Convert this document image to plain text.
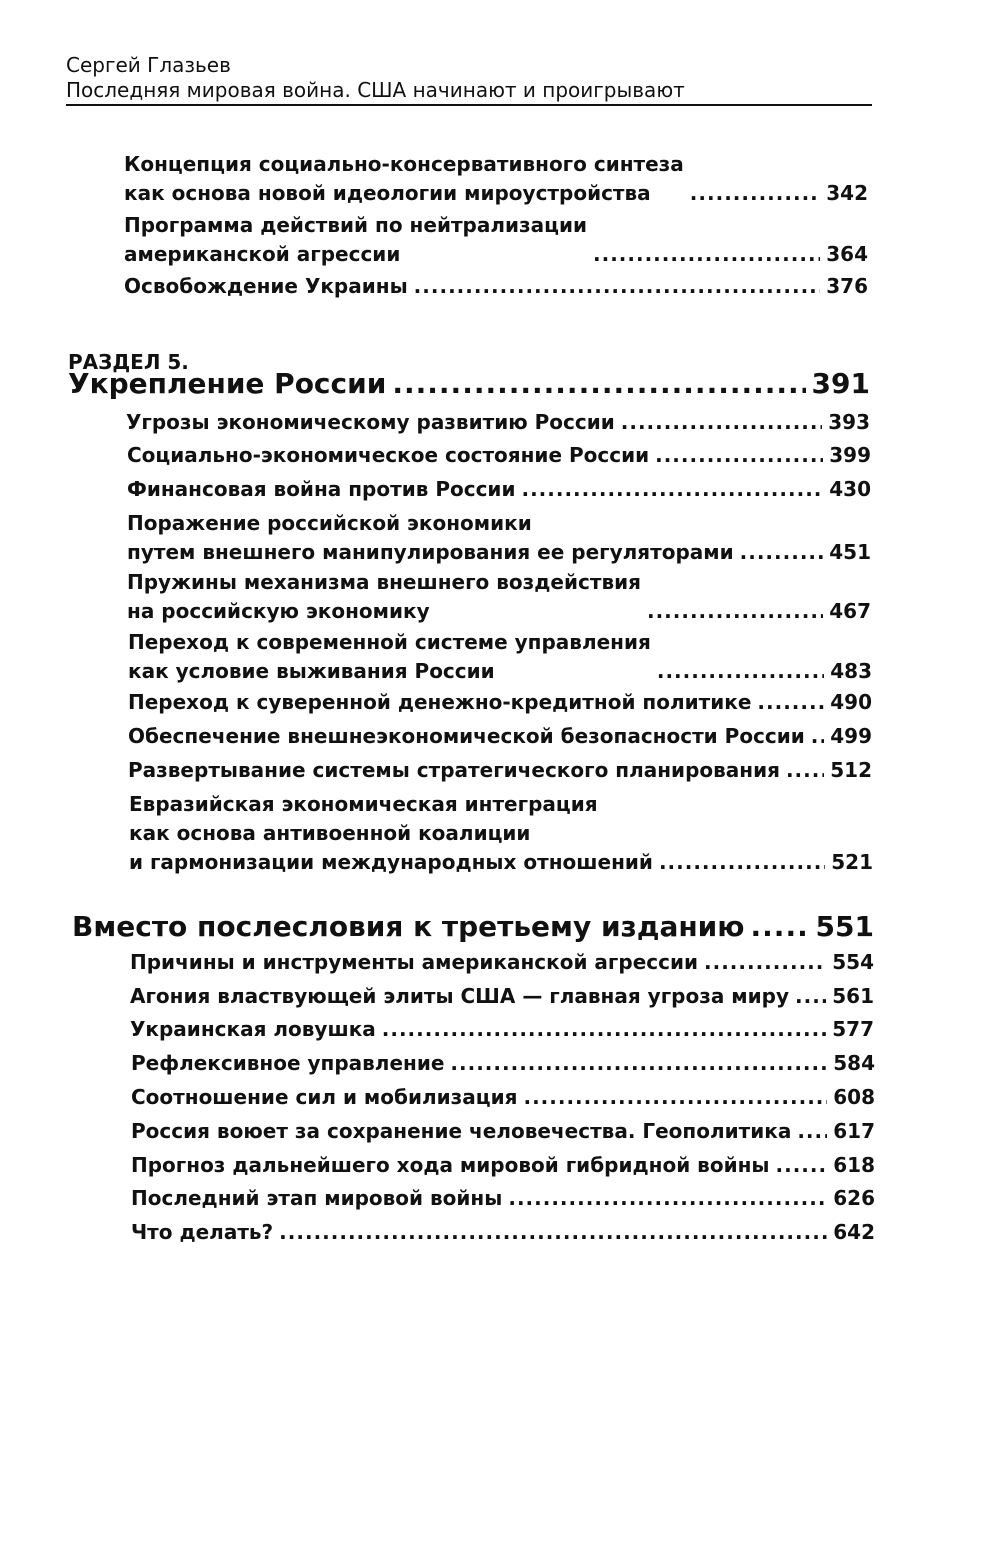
Сергей Глазьев
Последняя мировая война. США начинают и проигрывают
Концепция социально-консервативного синтеза
как основа новой идеологии мироустройства .....	342
Программа действий по нейтрализации
американской агрессии .....	364
Освобождение Украины .....	376
РАЗДЕЛ 5.
Укрепление России .....	391
Угрозы экономическому развитию России .....	393
Социально-экономическое состояние России .....	399
Финансовая война против России .....	430
Поражение российской экономики
путем внешнего манипулирования ее регуляторами .....	451
Пружины механизма внешнего воздействия
на российскую экономику .....	467
Переход к современной системе управления
как условие выживания России .....	483
Переход к суверенной денежно-кредитной политике .....	490
Обеспечение внешнеэкономической безопасности России ..... 499
Развертывание системы стратегического планирования .....	512
Евразийская экономическая интеграция
как основа антивоенной коалиции
и гармонизации международных отношений .....	521
Вместо послесловия к третьему изданию .....	551
Причины и инструменты американской агрессии .....	554
Агония властвующей элиты США — главная угроза миру ..... 561
Украинская ловушка .....	577
Рефлексивное управление .....	584
Соотношение сил и мобилизация .....	608
Россия воюет за сохранение человечества. Геополитика ..... 617
Прогноз дальнейшего хода мировой гибридной войны .....	618
Последний этап мировой войны .....	626
Что делать? .....	642
